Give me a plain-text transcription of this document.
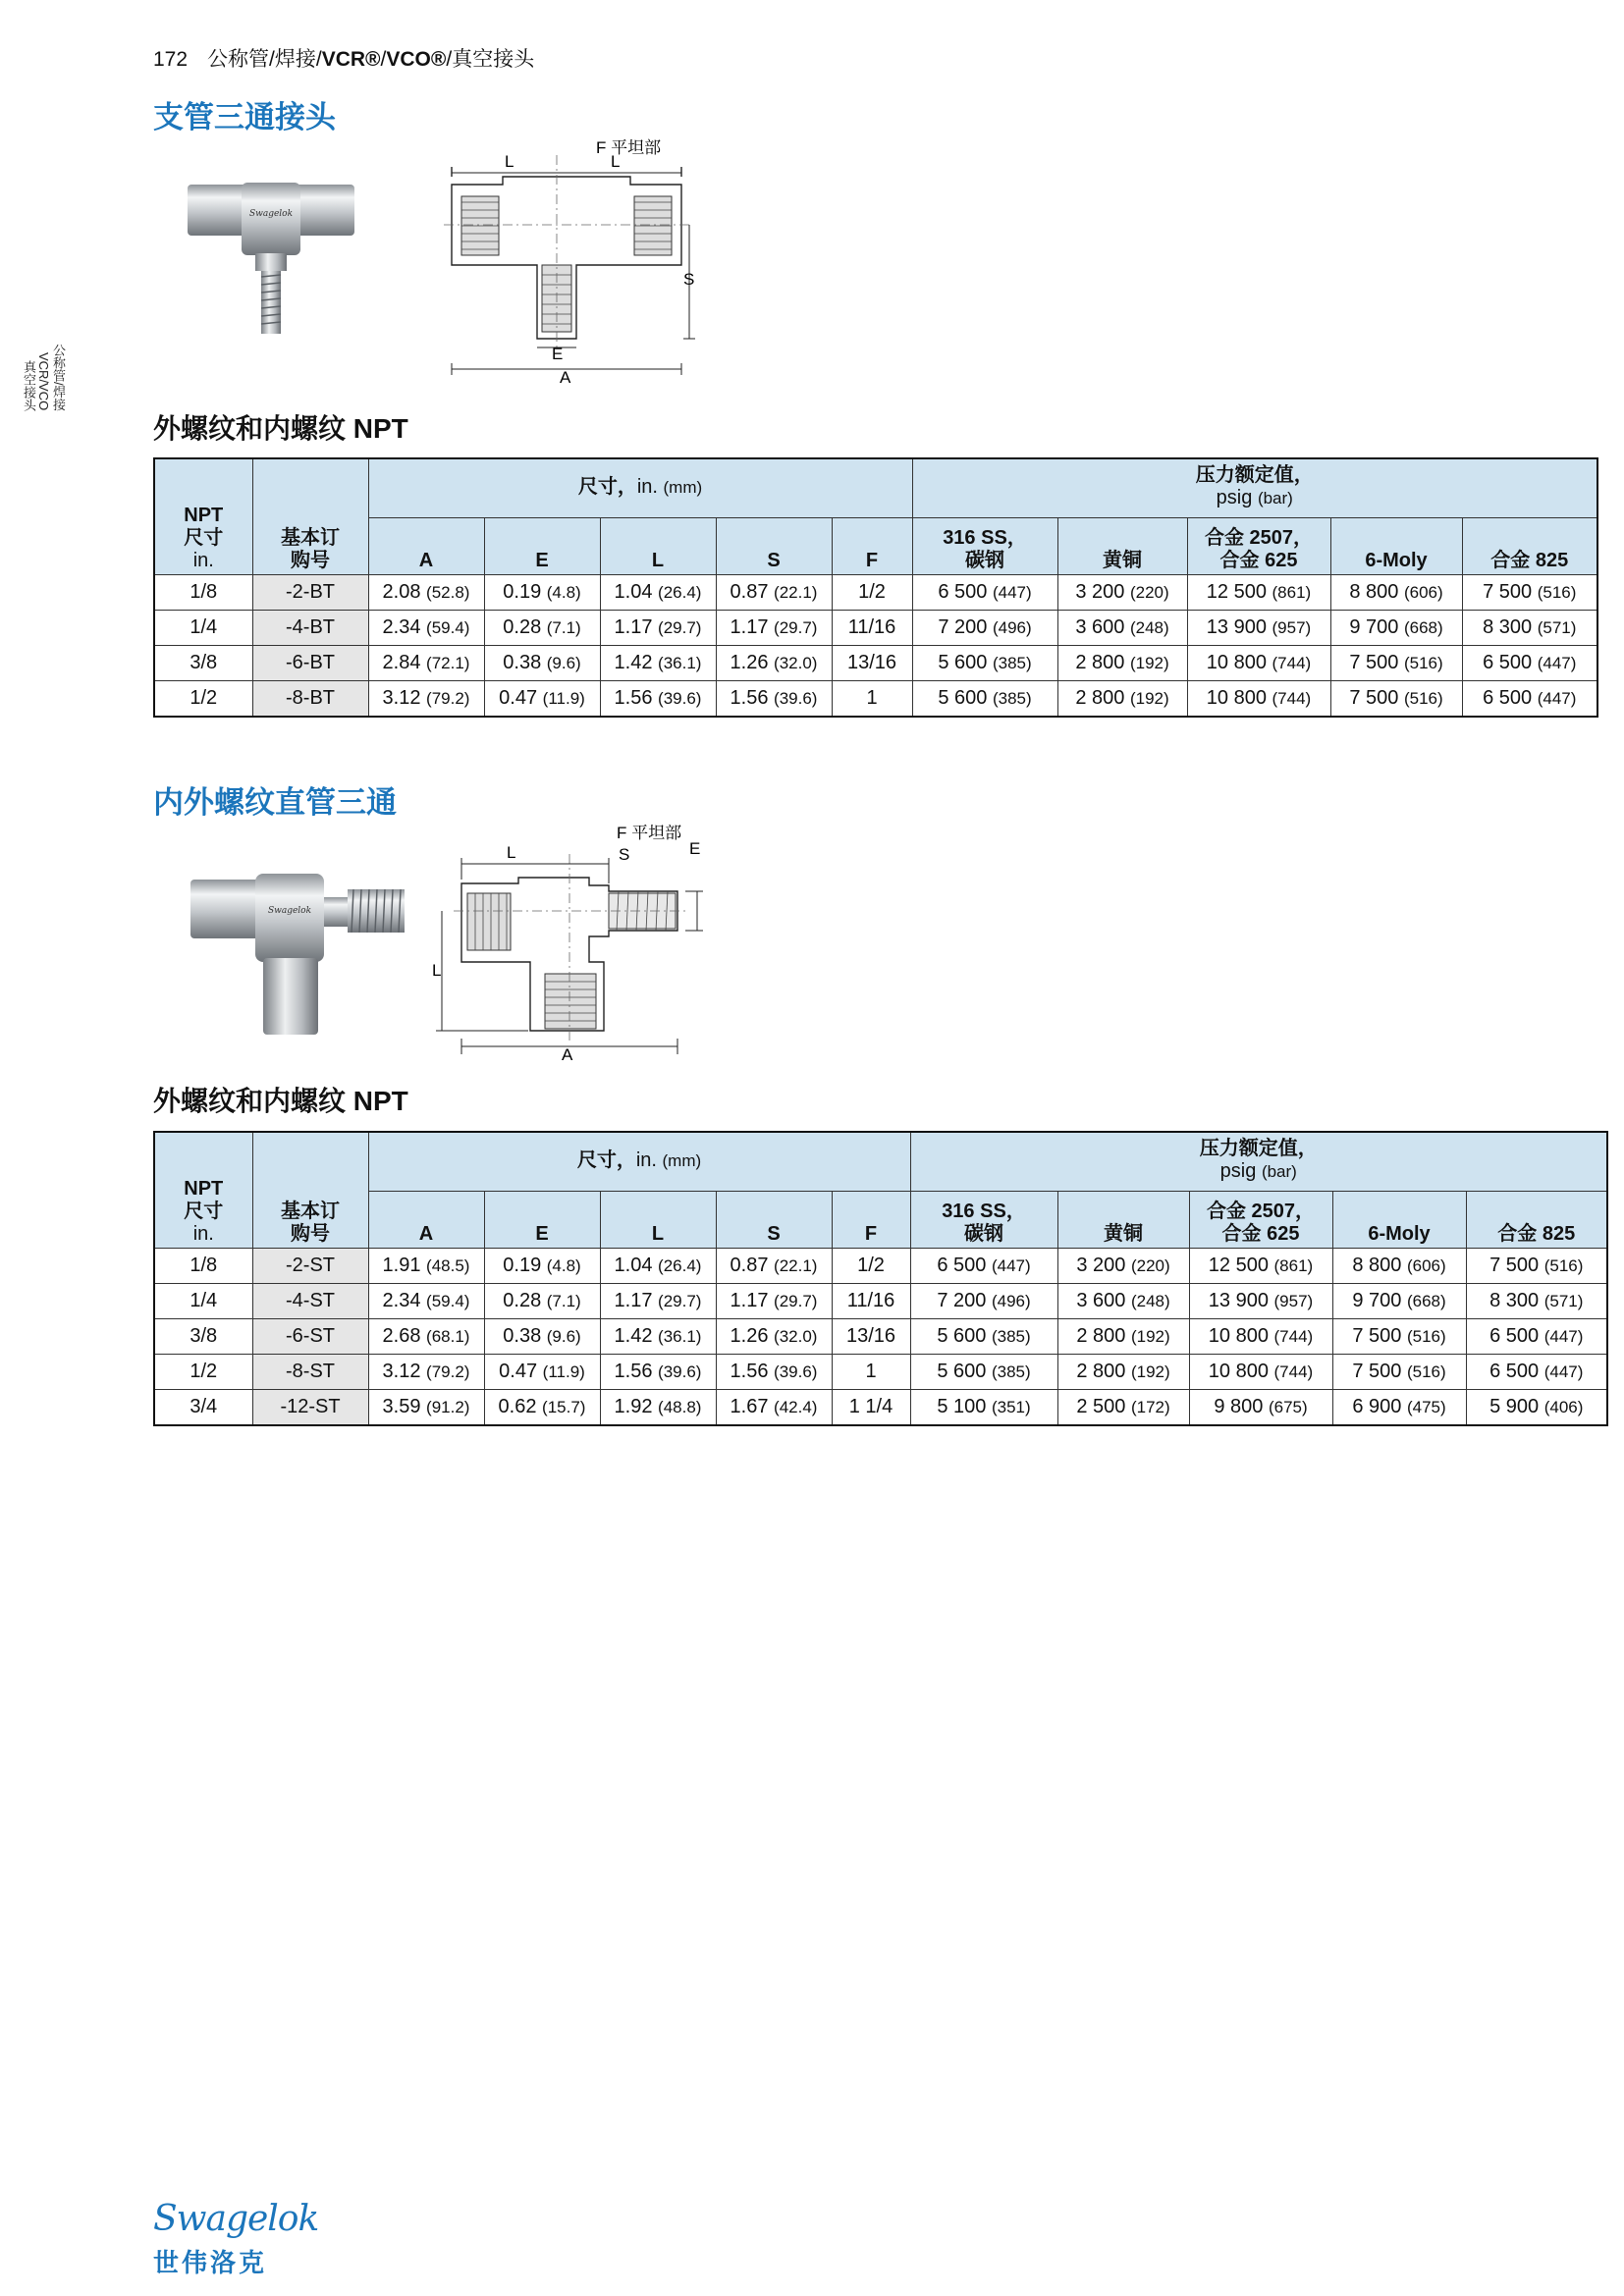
172 公称管/焊接/VCR®/VCO®/真空接头
真空接头VCR/VCO公称管/焊接
支管三通接头
Swagelok
L	L
F 平坦部
S
E
A
外螺纹和内螺纹 NPT
NPT
尺寸
in.	基本订
购号	尺寸，in. (mm)					压力额定值，
psig (bar)				
		A	E	L	S	F	316 SS，
碳钢	黄铜	合金 2507，
合金 625	6-Moly	合金 825
1/8	-2-BT	2.08 (52.8)	0.19 (4.8)	1.04 (26.4)	0.87 (22.1)	1/2	6 500 (447)	3 200 (220)	12 500 (861)	8 800 (606)	7 500 (516)
1/4	-4-BT	2.34 (59.4)	0.28 (7.1)	1.17 (29.7)	1.17 (29.7)	11/16	7 200 (496)	3 600 (248)	13 900 (957)	9 700 (668)	8 300 (571)
3/8	-6-BT	2.84 (72.1)	0.38 (9.6)	1.42 (36.1)	1.26 (32.0)	13/16	5 600 (385)	2 800 (192)	10 800 (744)	7 500 (516)	6 500 (447)
1/2	-8-BT	3.12 (79.2)	0.47 (11.9)	1.56 (39.6)	1.56 (39.6)	1	5 600 (385)	2 800 (192)	10 800 (744)	7 500 (516)	6 500 (447)
内外螺纹直管三通
Swagelok
L
F 平坦部
S	E
L
A
外螺纹和内螺纹 NPT
NPT
尺寸
in.	基本订
购号	尺寸，in. (mm)					压力额定值，
psig (bar)				
		A	E	L	S	F	316 SS，
碳钢	黄铜	合金 2507，
合金 625	6-Moly	合金 825
1/8	-2-ST	1.91 (48.5)	0.19 (4.8)	1.04 (26.4)	0.87 (22.1)	1/2	6 500 (447)	3 200 (220)	12 500 (861)	8 800 (606)	7 500 (516)
1/4	-4-ST	2.34 (59.4)	0.28 (7.1)	1.17 (29.7)	1.17 (29.7)	11/16	7 200 (496)	3 600 (248)	13 900 (957)	9 700 (668)	8 300 (571)
3/8	-6-ST	2.68 (68.1)	0.38 (9.6)	1.42 (36.1)	1.26 (32.0)	13/16	5 600 (385)	2 800 (192)	10 800 (744)	7 500 (516)	6 500 (447)
1/2	-8-ST	3.12 (79.2)	0.47 (11.9)	1.56 (39.6)	1.56 (39.6)	1	5 600 (385)	2 800 (192)	10 800 (744)	7 500 (516)	6 500 (447)
3/4	-12-ST	3.59 (91.2)	0.62 (15.7)	1.92 (48.8)	1.67 (42.4)	1 1/4	5 100 (351)	2 500 (172)	9 800 (675)	6 900 (475)	5 900 (406)
Swagelok
世伟洛克
